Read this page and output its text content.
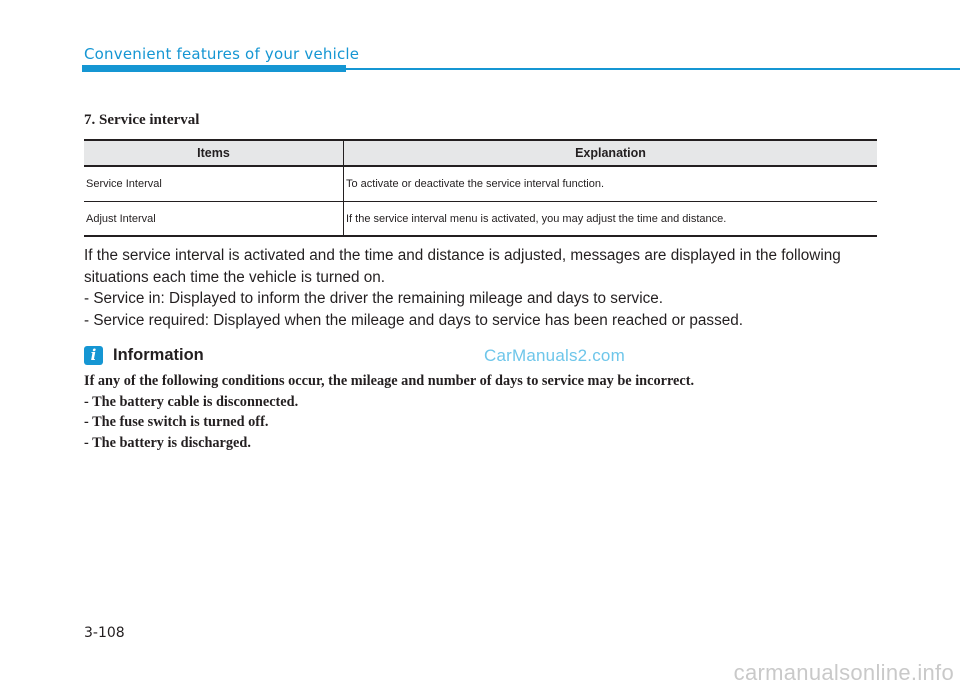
Convenient features of your vehicle
7. Service interval
Items	Explanation
Service Interval	To activate or deactivate the service interval function.
Adjust Interval	If the service interval menu is activated, you may adjust the time and distance.

If the service interval is activated and the time and distance is adjusted, messages are displayed in the following situations each time the vehicle is turned on.

- Service in: Displayed to inform the driver the remaining mileage and days to service.

- Service required: Displayed when the mileage and days to service has been reached or passed.

i	Information	CarManuals2.com

If any of the following conditions occur, the mileage and number of days to service may be incorrect.

- The battery cable is disconnected.

- The fuse switch is turned off.

- The battery is discharged.

3-108
carmanualsonline.info
